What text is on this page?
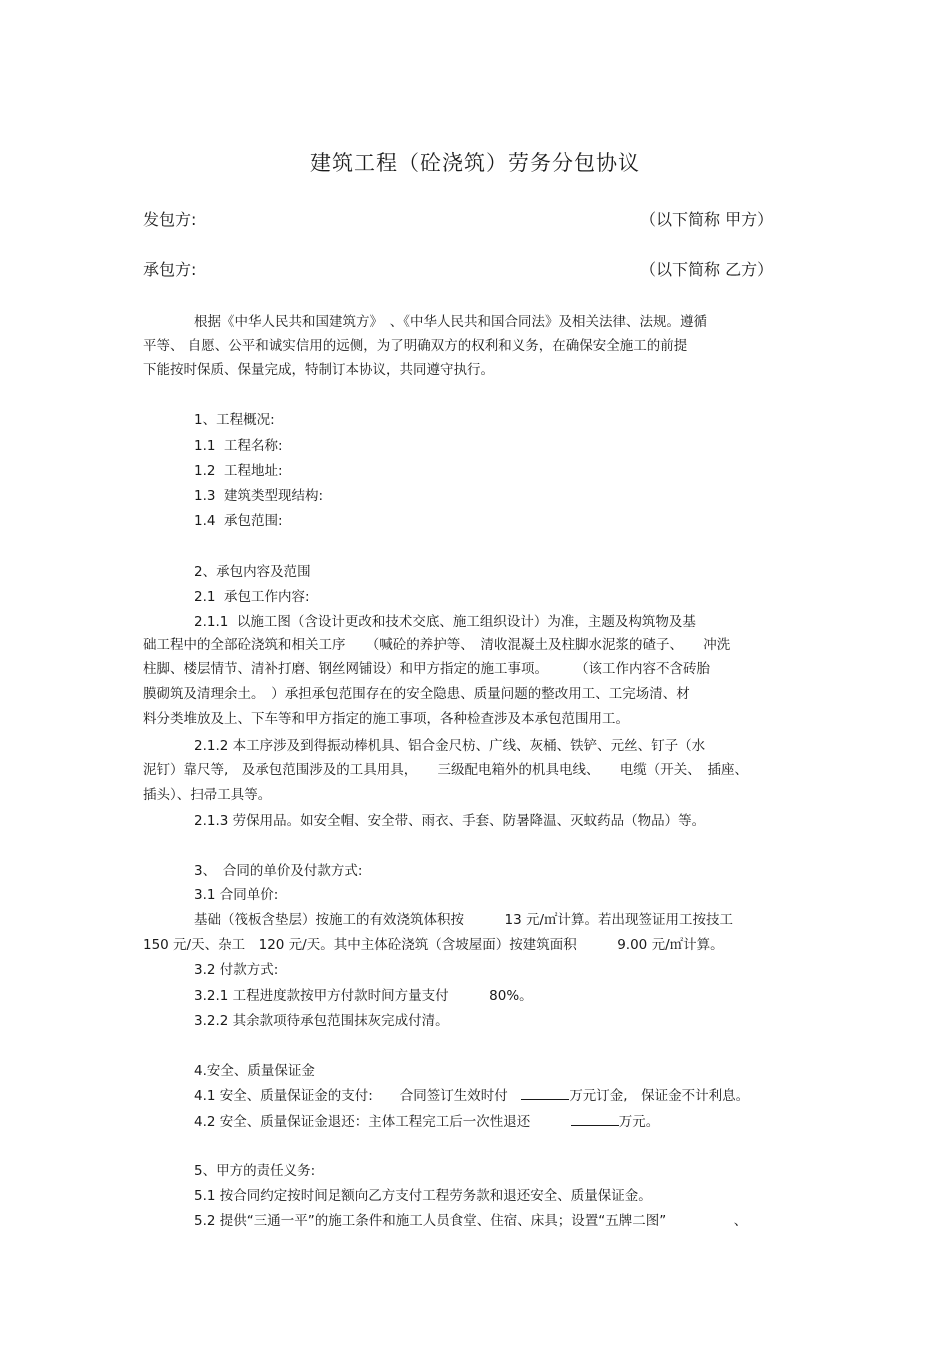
建筑工程（砼浇筑）劳务分包协议
发包方:	（以下简称 甲方）
承包方:	（以下简称 乙方）
根据《中华人民共和国建筑方》　、《中华人民共和国合同法》及相关法律、法规。遵循
平等、 自愿、公平和诚实信用的远侧，为了明确双方的权利和义务，在确保安全施工的前提
下能按时保质、保量完成，特制订本协议，共同遵守执行。
1、工程概况:
1.1  工程名称:
1.2  工程地址:
1.3  建筑类型现结构:
1.4  承包范围:
2、承包内容及范围
2.1  承包工作内容:
2.1.1  以施工图（含设计更改和技术交底、施工组织设计）为准，主题及构筑物及基
础工程中的全部砼浇筑和相关工序　　（喊砼的养护等、　清收混凝土及柱脚水泥浆的碴子、　　冲洗
柱脚、楼层情节、清补打磨、钢丝网铺设）和甲方指定的施工事项。　　　（该工作内容不含砖胎
膜砌筑及清理余土。　）承担承包范围存在的安全隐患、质量问题的整改用工、工完场清、材
料分类堆放及上、下车等和甲方指定的施工事项，各种检查涉及本承包范围用工。
2.1.2 本工序涉及到得振动棒机具、铝合金尺枋、广线、灰桶、铁铲、元丝、钉子（水
泥钉）靠尺等,　及承包范围涉及的工具用具，　　三级配电箱外的机具电线、　　电缆（开关、　插座、
插头）、扫帚工具等。
2.1.3 劳保用品。如安全帽、安全带、雨衣、手套、防暑降温、灭蚊药品（物品）等。
3、　合同的单价及付款方式:
3.1 合同单价:
基础（筏板含垫层）按施工的有效浇筑体积按　　　13 元/㎡计算。若出现签证用工按技工
150 元/天、杂工　120 元/天。其中主体砼浇筑（含坡屋面）按建筑面积　　　9.00 元/㎡计算。
3.2 付款方式:
3.2.1 工程进度款按甲方付款时间方量支付　　　80%。
3.2.2 其余款项待承包范围抹灰完成付清。
4.安全、质量保证金
4.1 安全、质量保证金的支付:　　合同签订生效时付　	万元订金,　保证金不计利息。
4.2 安全、质量保证金退还：主体工程完工后一次性退还　　　	万元。
5、甲方的责任义务:
5.1 按合同约定按时间足额向乙方支付工程劳务款和退还安全、质量保证金。
5.2 提供“三通一平”的施工条件和施工人员食堂、住宿、床具；设置“五牌二图”　　　　　、
